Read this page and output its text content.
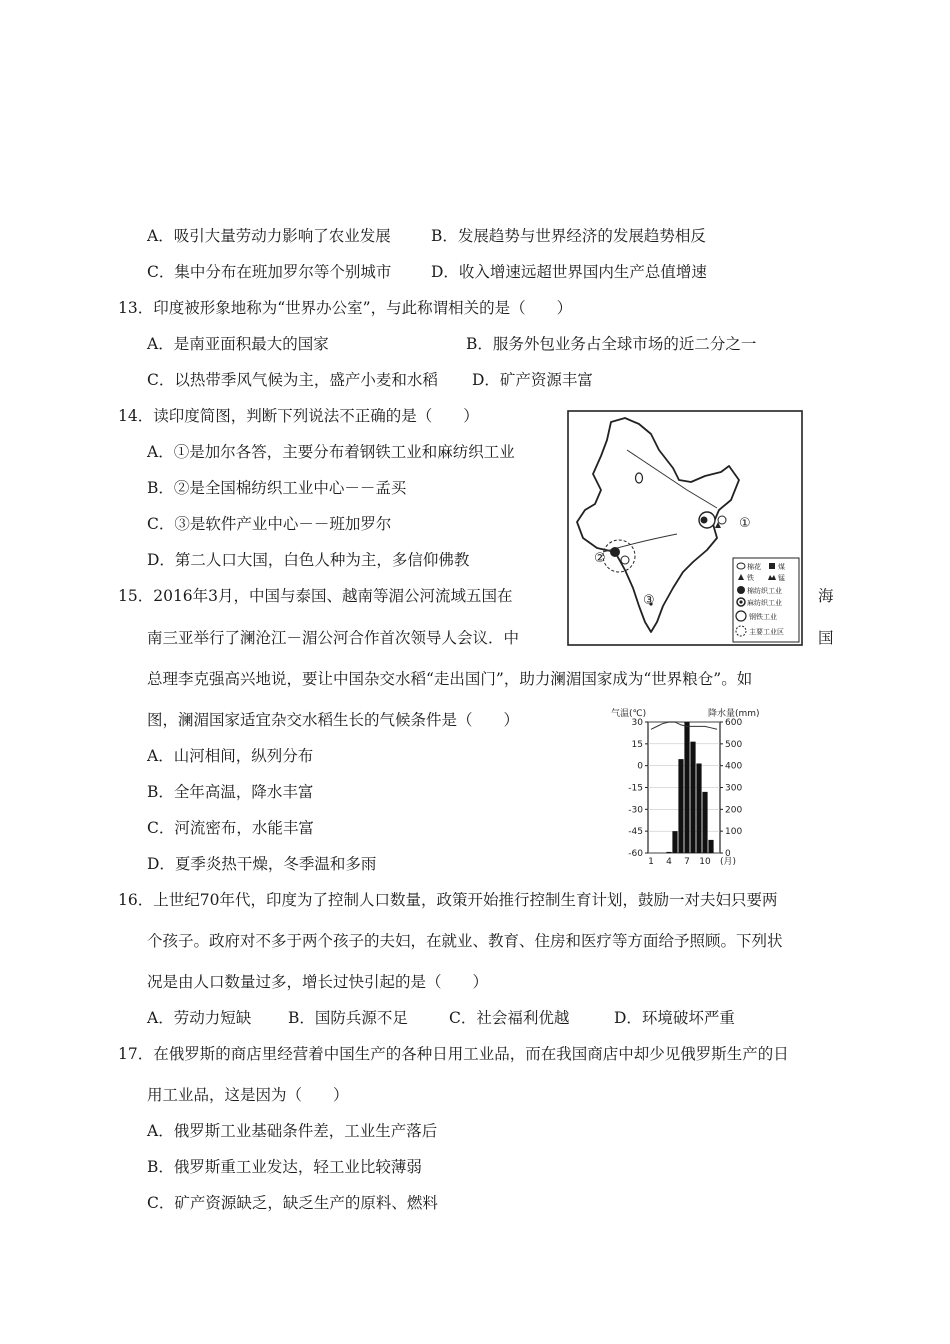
A．吸引大量劳动力影响了农业发展	B．发展趋势与世界经济的发展趋势相反
C．集中分布在班加罗尔等个别城市	D．收入增速远超世界国内生产总值增速
13．印度被形象地称为“世界办公室”，与此称谓相关的是（　　）
A．是南亚面积最大的国家	B．服务外包业务占全球市场的近二分之一
C．以热带季风气候为主，盛产小麦和水稻 D．矿产资源丰富
14．读印度简图，判断下列说法不正确的是（　　）
A．①是加尔各答，主要分布着钢铁工业和麻纺织工业
B．②是全国棉纺织工业中心－－孟买
C．③是软件产业中心－－班加罗尔
D．第二人口大国，白色人种为主，多信仰佛教
15．2016年3月，中国与泰国、越南等湄公河流域五国在	海
南三亚举行了澜沧江－湄公河合作首次领导人会议．中	国
总理李克强高兴地说，要让中国杂交水稻“走出国门”，助力澜湄国家成为“世界粮仓”。如
图，澜湄国家适宜杂交水稻生长的气候条件是（　　）
A．山河相间，纵列分布
B．全年高温，降水丰富
C．河流密布，水能丰富
D．夏季炎热干燥，冬季温和多雨
16．上世纪70年代，印度为了控制人口数量，政策开始推行控制生育计划，鼓励一对夫妇只要两
个孩子。政府对不多于两个孩子的夫妇，在就业、教育、住房和医疗等方面给予照顾。下列状
况是由人口数量过多，增长过快引起的是（　　）
A．劳动力短缺 B．国防兵源不足	C．社会福利优越	D．环境破坏严重
17．在俄罗斯的商店里经营着中国生产的各种日用工业品，而在我国商店中却少见俄罗斯生产的日
用工业品，这是因为（　　）
A．俄罗斯工业基础条件差，工业生产落后
B．俄罗斯重工业发达，轻工业比较薄弱
C．矿产资源缺乏，缺乏生产的原料、燃料
①
②
③
棉花 煤
铁	锰
棉纺织工业
麻纺织工业
钢铁工业
主要工业区
气温(℃)	降水量(mm)
30
15
0
-15
-30
-45
-60
600
500
400
300
200
100
0
1 4 7 10 (月)
